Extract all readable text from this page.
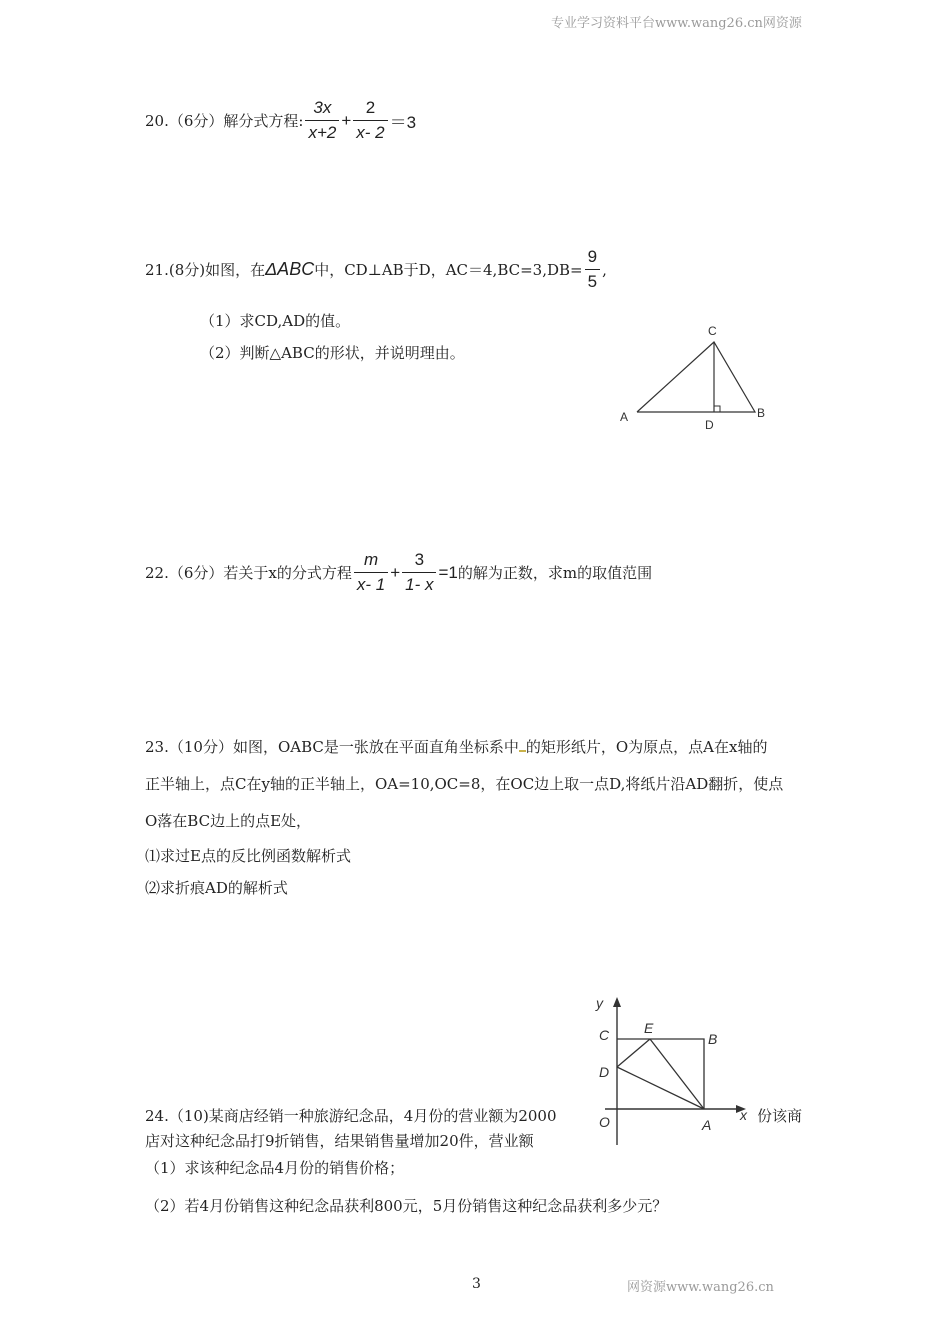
专业学习资料平台www.wang26.cn网资源
20.（6分）解分式方程: $\frac{3x}{x+2} + \frac{2}{x- 2} =3$
21.(8分)如图，在 ΔABC 中，CD⊥AB于D，$AC=4,BC=3,DB= \frac{9}{5}$ ,
（1）求CD,AD的值。
（2）判断△ABC的形状，并说明理由。
C
A	B
D
22.（6分）若关于x的分式方程 $\frac{m}{x- 1} + \frac{3}{1- x} =1$ 的解为正数，求m的取值范围
23.（10分）如图，OABC是一张放在平面直角坐标系中 的矩形纸片，O为原点，点A在x轴的
正半轴上，点C在y轴的正半轴上，OA=10,OC=8，在OC边上取一点D,将纸片沿AD翻折，使点
O落在BC边上的点E处，
⑴求过E点的反比例函数解析式
⑵求折痕AD的解析式
24.（10)某商店经销一种旅游纪念品，4月份的营业额为2000	份该商
店对这种纪念品打9折销售，结果销售量增加20件，营业额
（1）求该种纪念品4月份的销售价格；
（2）若4月份销售这种纪念品获利800元，5月份销售这种纪念品获利多少元？
y
x
C E
B
D
O	A
3	网资源www.wang26.cn
